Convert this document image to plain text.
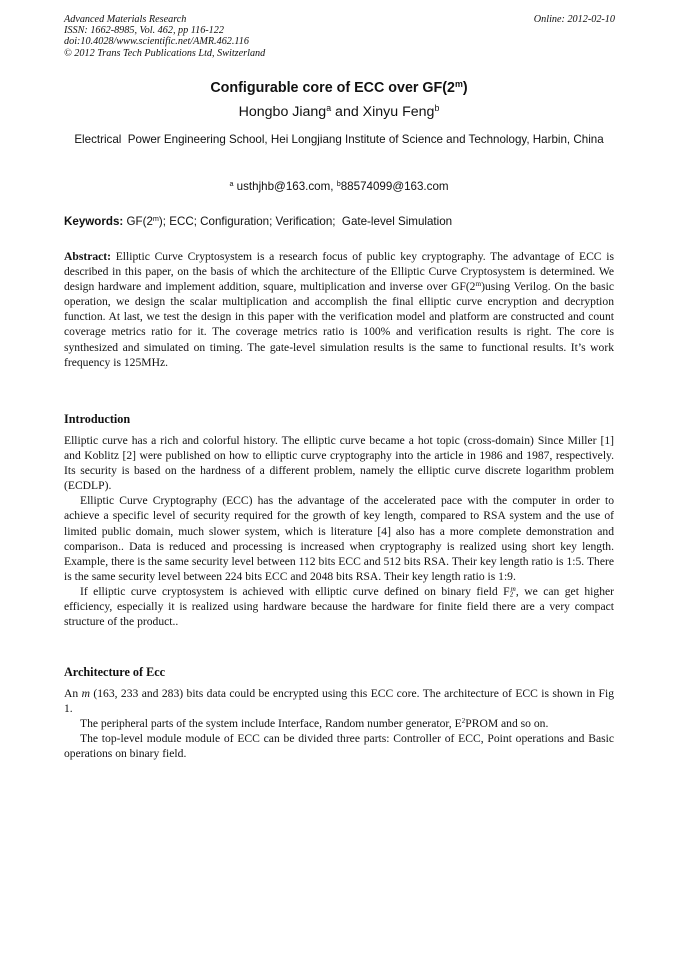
Advanced Materials Research
ISSN: 1662-8985, Vol. 462, pp 116-122
doi:10.4028/www.scientific.net/AMR.462.116
© 2012 Trans Tech Publications Ltd, Switzerland
Online: 2012-02-10
Configurable core of ECC over GF(2$^m$)
Hongbo Jiang$^a$ and Xinyu Feng$^b$
Electrical  Power Engineering School, Hei Longjiang Institute of Science and Technology, Harbin, China
$^a$ usthjhb@163.com, $^b$88574099@163.com
Keywords: GF(2$^m$); ECC; Configuration; Verification;  Gate-level Simulation

Abstract: Elliptic Curve Cryptosystem is a research focus of public key cryptography. The advantage of ECC is described in this paper, on the basis of which the architecture of the Elliptic Curve Cryptosystem is determined. We design hardware and implement addition, square, multiplication and inverse over GF(2$^m$)using Verilog. On the basic operation, we design the scalar multiplication and accomplish the final elliptic curve encryption and decryption function. At last, we test the design in this paper with the verification model and platform are constructed and count coverage metrics ratio for it. The coverage metrics ratio is 100% and verification results is right. The core is synthesized and simulated on timing. The gate-level simulation results is the same to functional results. It’s work frequency is 125MHz.

Introduction

Elliptic curve has a rich and colorful history. The elliptic curve became a hot topic (cross-domain) Since Miller [1] and Koblitz [2] were published on how to elliptic curve cryptography into the article in 1986 and 1987, respectively. Its security is based on the hardness of a different problem, namely the elliptic curve discrete logarithm problem (ECDLP).

Elliptic Curve Cryptography (ECC) has the advantage of the accelerated pace with the computer in order to achieve a specific level of security required for the growth of key length, compared to RSA system and the use of limited public domain, much slower system, which is literature [4] also has a more complete demonstration and comparison.. Data is reduced and processing is increased when cryptography is realized using short key length. Example, there is the same security level between 112 bits ECC and 512 bits RSA. Their key length ratio is 1:5. There is the same security level between 224 bits ECC and 2048 bits RSA. Their key length ratio is 1:9.

If elliptic curve cryptosystem is achieved with elliptic curve defined on binary field $F_2^m$, we can get higher efficiency, especially it is realized using hardware because the hardware for finite field there are a very compact structure of the product..

Architecture of Ecc

An m (163, 233 and 283) bits data could be encrypted using this ECC core. The architecture of ECC is shown in Fig 1.

The peripheral parts of the system include Interface, Random number generator, $E^2PROM$ and so on.

The top-level module module of ECC can be divided three parts: Controller of ECC, Point operations and Basic operations on binary field.
